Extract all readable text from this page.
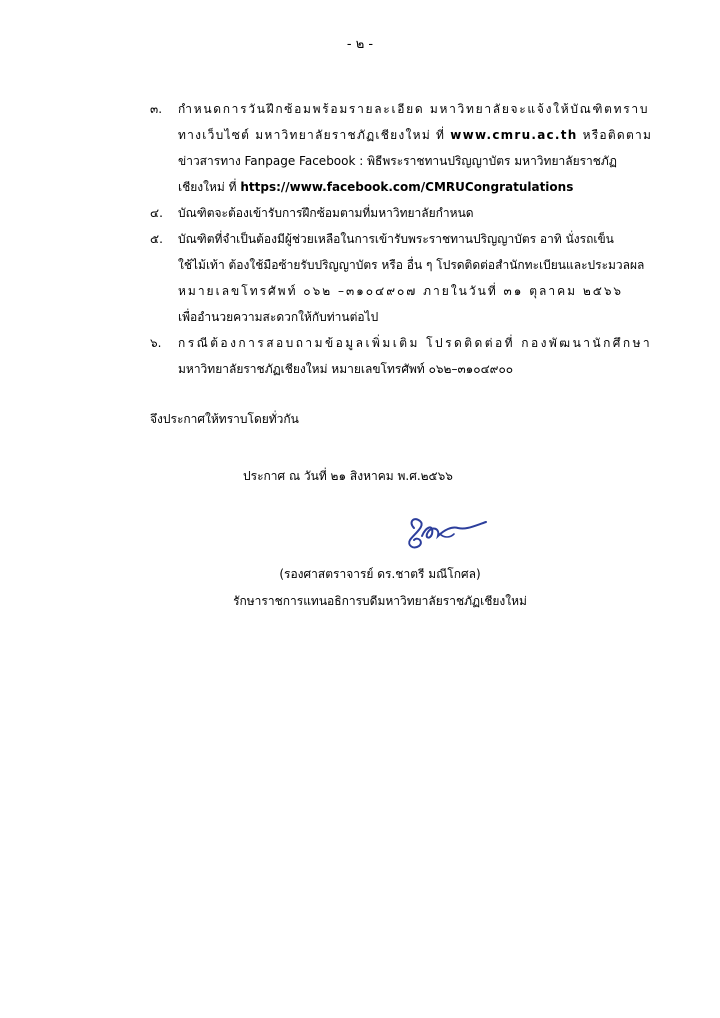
- ๒ -
๓. กำหนดการวันฝึกซ้อมพร้อมรายละเอียด มหาวิทยาลัยจะแจ้งให้บัณฑิตทราบ
ทางเว็บไซต์ มหาวิทยาลัยราชภัฏเชียงใหม่ ที่ www.cmru.ac.th หรือติดตาม
ข่าวสารทาง Fanpage Facebook : พิธีพระราชทานปริญญาบัตร มหาวิทยาลัยราชภัฏ
เชียงใหม่ ที่ https://www.facebook.com/CMRUCongratulations
๔. บัณฑิตจะต้องเข้ารับการฝึกซ้อมตามที่มหาวิทยาลัยกำหนด
๕. บัณฑิตที่จำเป็นต้องมีผู้ช่วยเหลือในการเข้ารับพระราชทานปริญญาบัตร อาทิ นั่งรถเข็น
ใช้ไม้เท้า ต้องใช้มือซ้ายรับปริญญาบัตร หรือ อื่น ๆ โปรดติดต่อสำนักทะเบียนและประมวลผล
หมายเลขโทรศัพท์ ๐๖๒ –๓๑๐๔๙๐๗ ภายในวันที่ ๓๑ ตุลาคม ๒๕๖๖
เพื่ออำนวยความสะดวกให้กับท่านต่อไป
๖. กรณีต้องการสอบถามข้อมูลเพิ่มเติม โปรดติดต่อที่ กองพัฒนานักศึกษา
มหาวิทยาลัยราชภัฏเชียงใหม่ หมายเลขโทรศัพท์ ๐๖๒–๓๑๐๔๙๐๐
จึงประกาศให้ทราบโดยทั่วกัน
ประกาศ ณ วันที่ ๒๑ สิงหาคม พ.ศ.๒๕๖๖
(รองศาสตราจารย์ ดร.ชาตรี มณีโกศล)
รักษาราชการแทนอธิการบดีมหาวิทยาลัยราชภัฏเชียงใหม่
